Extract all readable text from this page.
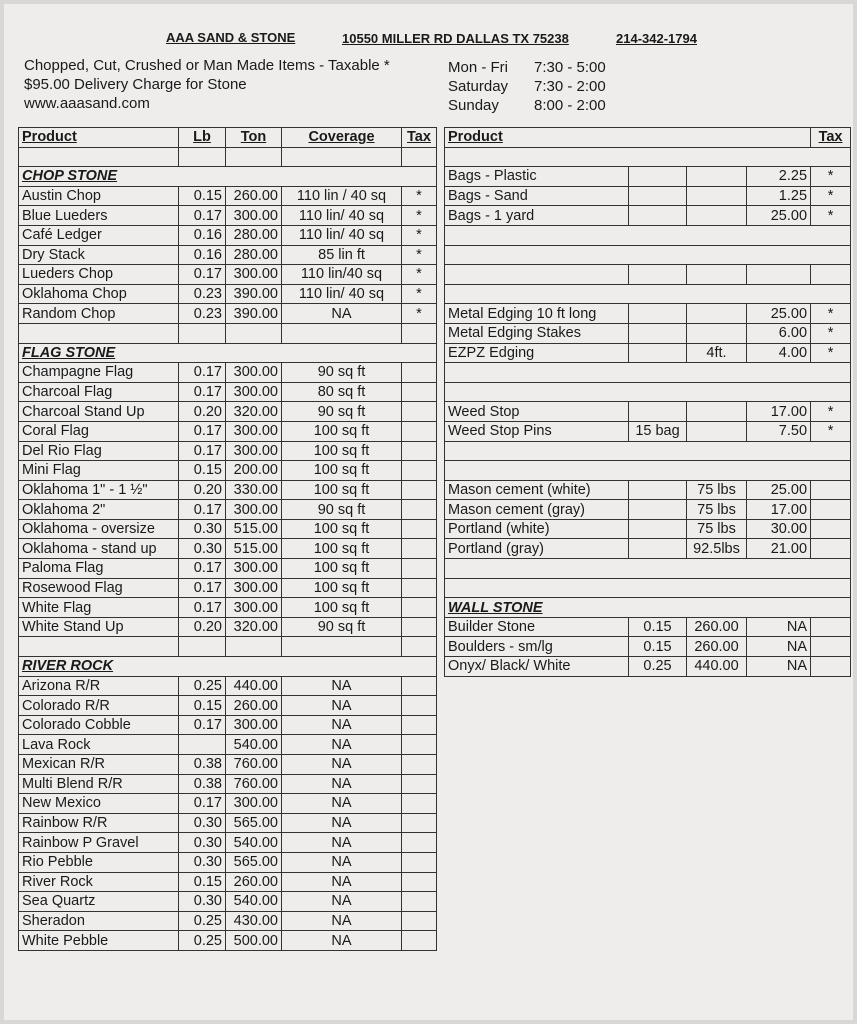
AAA SAND & STONE	10550 MILLER RD DALLAS TX 75238	214-342-1794
Chopped, Cut, Crushed or Man Made Items - Taxable *
$95.00 Delivery Charge for Stone
www.aaasand.com
Mon - Fri	7:30 - 5:00
Saturday	7:30 - 2:00
Sunday	8:00 - 2:00
Product	Lb	Ton	Coverage	Tax

CHOP STONE				
Austin Chop	0.15	260.00	110 lin / 40 sq	*
Blue Lueders	0.17	300.00	110 lin/ 40 sq	*
Café Ledger	0.16	280.00	110 lin/ 40 sq	*
Dry Stack	0.16	280.00	85 lin ft	*
Lueders Chop	0.17	300.00	110 lin/40 sq	*
Oklahoma Chop	0.23	390.00	110 lin/ 40 sq	*
Random Chop	0.23	390.00	NA	*

FLAG STONE				
Champagne Flag	0.17	300.00	90 sq ft	
Charcoal Flag	0.17	300.00	80 sq ft	
Charcoal Stand Up	0.20	320.00	90 sq ft	
Coral Flag	0.17	300.00	100 sq ft	
Del Rio Flag	0.17	300.00	100 sq ft	
Mini Flag	0.15	200.00	100 sq ft	
Oklahoma 1" - 1 ½"	0.20	330.00	100 sq ft	
Oklahoma 2"	0.17	300.00	90 sq ft	
Oklahoma - oversize	0.30	515.00	100 sq ft	
Oklahoma - stand up	0.30	515.00	100 sq ft	
Paloma Flag	0.17	300.00	100 sq ft	
Rosewood Flag	0.17	300.00	100 sq ft	
White Flag	0.17	300.00	100 sq ft	
White Stand Up	0.20	320.00	90 sq ft	

RIVER ROCK				
Arizona R/R	0.25	440.00	NA	
Colorado R/R	0.15	260.00	NA	
Colorado Cobble	0.17	300.00	NA	
Lava Rock		540.00	NA	
Mexican R/R	0.38	760.00	NA	
Multi Blend R/R	0.38	760.00	NA	
New Mexico	0.17	300.00	NA	
Rainbow R/R	0.30	565.00	NA	
Rainbow P Gravel	0.30	540.00	NA	
Rio Pebble	0.30	565.00	NA	
River Rock	0.15	260.00	NA	
Sea Quartz	0.30	540.00	NA	
Sheradon	0.25	430.00	NA	
White Pebble	0.25	500.00	NA	
Product				Tax

Bags - Plastic			2.25	*
Bags - Sand			1.25	*
Bags - 1 yard			25.00	*

Metal Edging 10 ft long			25.00	*
Metal Edging Stakes			6.00	*
EZPZ Edging		4ft.	4.00	*

Weed Stop			17.00	*
Weed Stop Pins	15 bag		7.50	*

Mason cement (white)		75 lbs	25.00	
Mason cement (gray)		75 lbs	17.00	
Portland (white)		75 lbs	30.00	
Portland (gray)		92.5lbs	21.00	

WALL STONE				
Builder Stone	0.15	260.00	NA	
Boulders - sm/lg	0.15	260.00	NA	
Onyx/ Black/ White	0.25	440.00	NA	
